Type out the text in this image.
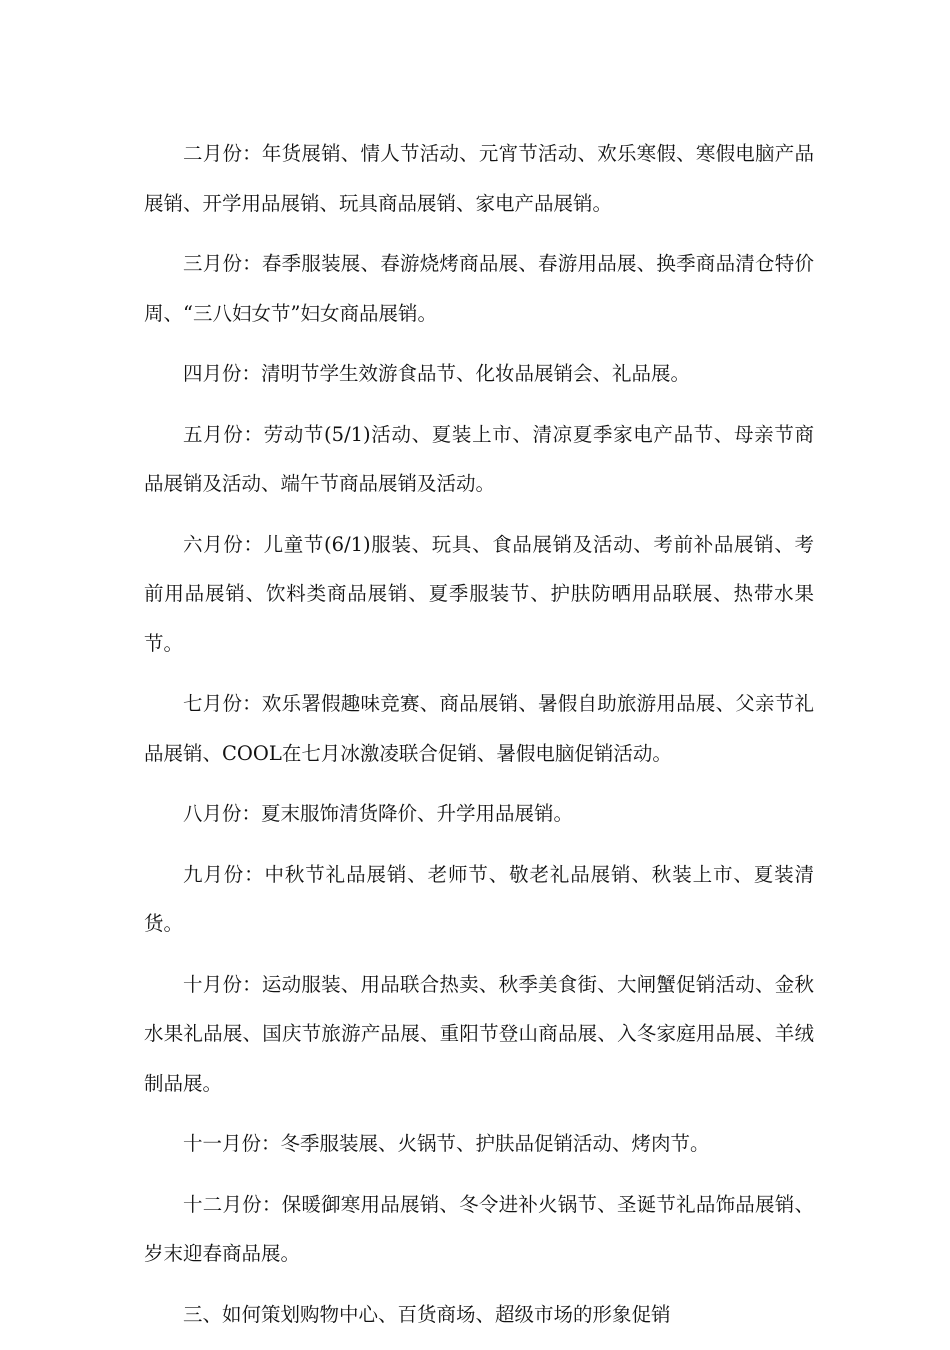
二月份：年货展销、情人节活动、元宵节活动、欢乐寒假、寒假电脑产品展销、开学用品展销、玩具商品展销、家电产品展销。

三月份：春季服装展、春游烧烤商品展、春游用品展、换季商品清仓特价周、“三八妇女节”妇女商品展销。

四月份：清明节学生效游食品节、化妆品展销会、礼品展。

五月份：劳动节(5/1)活动、夏装上市、清凉夏季家电产品节、母亲节商品展销及活动、端午节商品展销及活动。

六月份：儿童节(6/1)服装、玩具、食品展销及活动、考前补品展销、考前用品展销、饮料类商品展销、夏季服装节、护肤防晒用品联展、热带水果节。

七月份：欢乐署假趣味竞赛、商品展销、暑假自助旅游用品展、父亲节礼品展销、COOL在七月冰激凌联合促销、暑假电脑促销活动。

八月份：夏末服饰清货降价、升学用品展销。

九月份：中秋节礼品展销、老师节、敬老礼品展销、秋装上市、夏装清货。

十月份：运动服装、用品联合热卖、秋季美食街、大闸蟹促销活动、金秋水果礼品展、国庆节旅游产品展、重阳节登山商品展、入冬家庭用品展、羊绒制品展。

十一月份：冬季服装展、火锅节、护肤品促销活动、烤肉节。

十二月份：保暖御寒用品展销、冬令进补火锅节、圣诞节礼品饰品展销、岁末迎春商品展。

三、如何策划购物中心、百货商场、超级市场的形象促销
